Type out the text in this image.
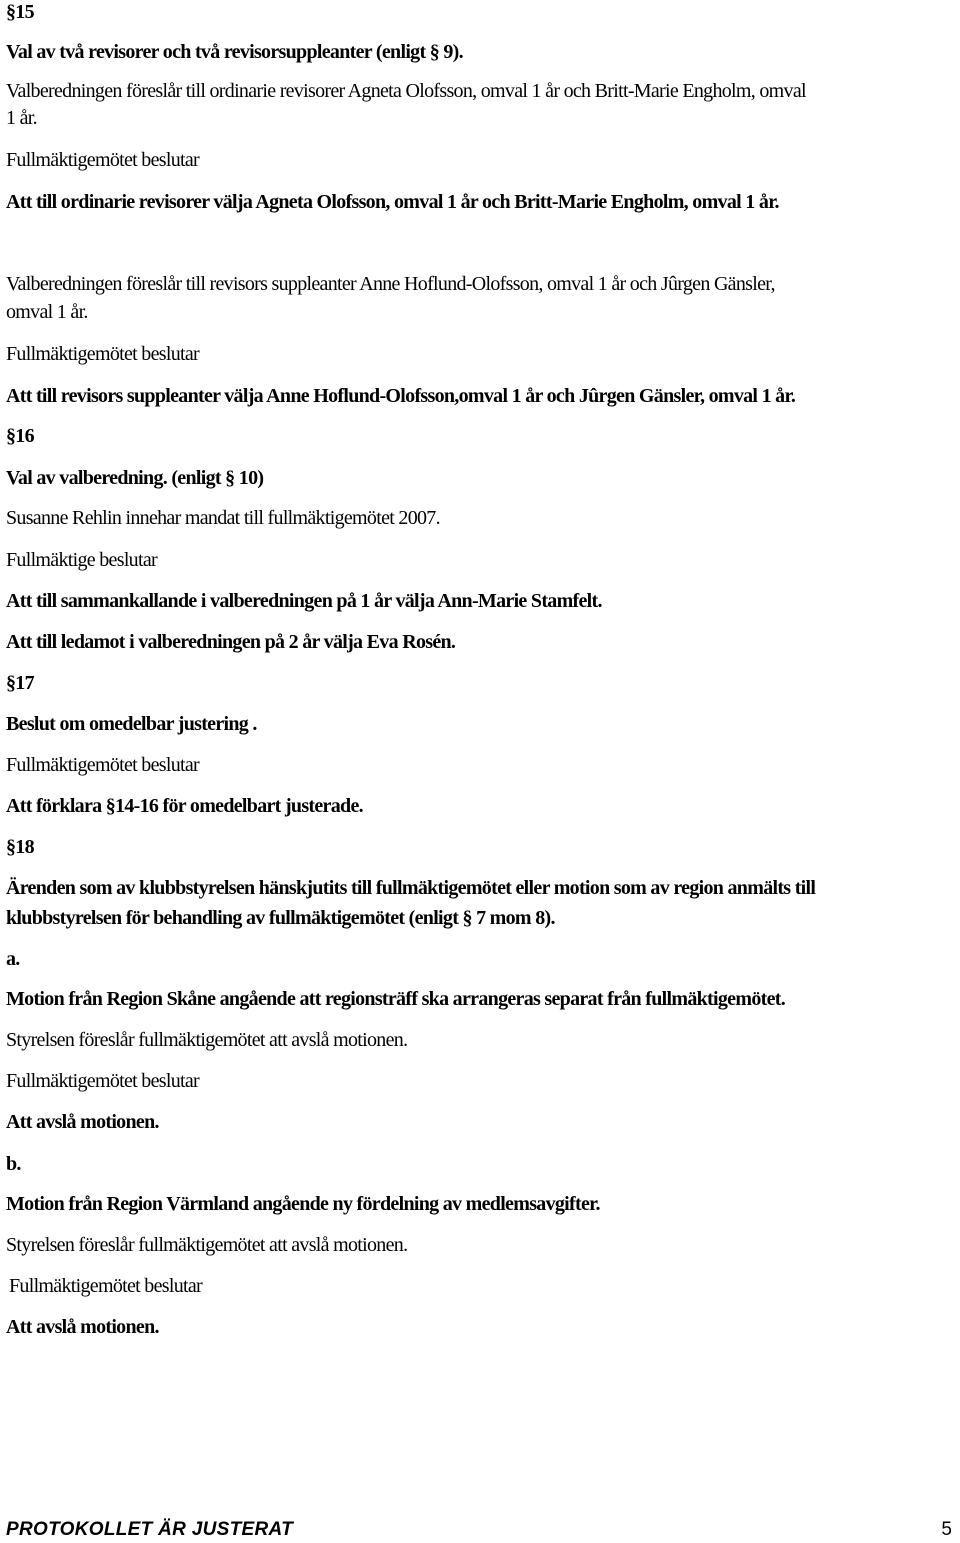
§15
Val av två revisorer och två revisorsuppleanter (enligt § 9).
Valberedningen föreslår till ordinarie revisorer Agneta Olofsson, omval 1 år och Britt-Marie Engholm, omval
1 år.
Fullmäktigemötet beslutar
Att till ordinarie revisorer välja Agneta Olofsson, omval 1 år och Britt-Marie Engholm, omval 1 år.
Valberedningen föreslår till revisors suppleanter Anne Hoflund-Olofsson, omval 1 år och Jûrgen Gänsler,
omval 1 år.
Fullmäktigemötet beslutar
Att till revisors suppleanter välja Anne Hoflund-Olofsson,omval 1 år och Jûrgen Gänsler, omval 1 år.
§16
Val av valberedning. (enligt § 10)
Susanne Rehlin innehar mandat till fullmäktigemötet 2007.
Fullmäktige beslutar
Att till sammankallande i valberedningen på 1 år välja Ann-Marie Stamfelt.
Att till ledamot i valberedningen på 2 år välja Eva Rosén.
§17
Beslut om omedelbar justering .
Fullmäktigemötet beslutar
Att förklara §14-16 för omedelbart justerade.
§18
Ärenden som av klubbstyrelsen hänskjutits till fullmäktigemötet eller motion som av region anmälts till
klubbstyrelsen för behandling av fullmäktigemötet (enligt § 7 mom 8).
a.
Motion från Region Skåne angående att regionsträff ska arrangeras separat från fullmäktigemötet.
Styrelsen föreslår fullmäktigemötet att avslå motionen.
Fullmäktigemötet beslutar
Att avslå motionen.
b.
Motion från Region Värmland angående ny fördelning av medlemsavgifter.
Styrelsen föreslår fullmäktigemötet att avslå motionen.
Fullmäktigemötet beslutar
Att avslå motionen.
PROTOKOLLET ÄR JUSTERAT	5
